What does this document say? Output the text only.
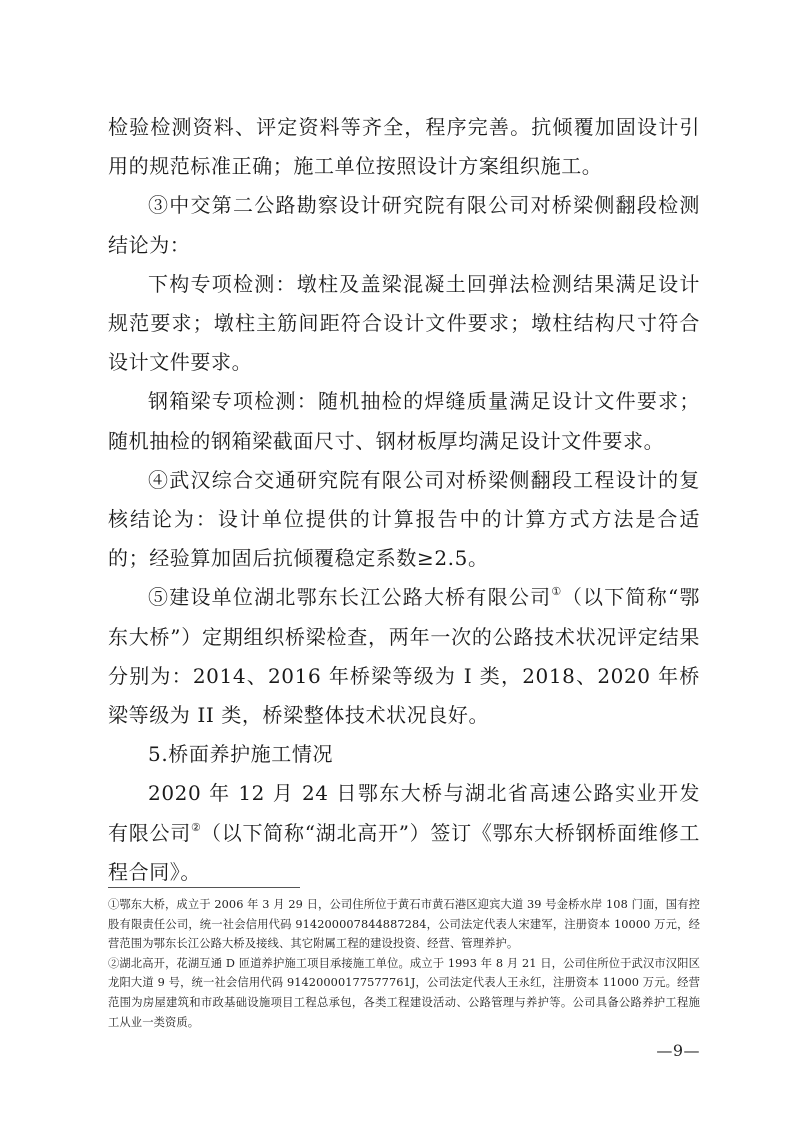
检验检测资料、评定资料等齐全，程序完善。抗倾覆加固设计引用的规范标准正确；施工单位按照设计方案组织施工。

③中交第二公路勘察设计研究院有限公司对桥梁侧翻段检测结论为：

下构专项检测：墩柱及盖梁混凝土回弹法检测结果满足设计规范要求；墩柱主筋间距符合设计文件要求；墩柱结构尺寸符合设计文件要求。

钢箱梁专项检测：随机抽检的焊缝质量满足设计文件要求；随机抽检的钢箱梁截面尺寸、钢材板厚均满足设计文件要求。

④武汉综合交通研究院有限公司对桥梁侧翻段工程设计的复核结论为：设计单位提供的计算报告中的计算方式方法是合适的；经验算加固后抗倾覆稳定系数≥2.5。

⑤建设单位湖北鄂东长江公路大桥有限公司①（以下简称“鄂东大桥”）定期组织桥梁检查，两年一次的公路技术状况评定结果分别为：2014、2016 年桥梁等级为 I 类，2018、2020 年桥梁等级为 II 类，桥梁整体技术状况良好。

5.桥面养护施工情况

2020 年 12 月 24 日鄂东大桥与湖北省高速公路实业开发有限公司②（以下简称“湖北高开”）签订《鄂东大桥钢桥面维修工程合同》。

①鄂东大桥，成立于 2006 年 3 月 29 日，公司住所位于黄石市黄石港区迎宾大道 39 号金桥水岸 108 门面，国有控股有限责任公司，统一社会信用代码 914200007844887284，公司法定代表人宋建军，注册资本 10000 万元，经营范围为鄂东长江公路大桥及接线、其它附属工程的建设投资、经营、管理养护。

②湖北高开，花湖互通 D 匝道养护施工项目承接施工单位。成立于 1993 年 8 月 21 日，公司住所位于武汉市汉阳区龙阳大道 9 号，统一社会信用代码 91420000177577761J，公司法定代表人王永红，注册资本 11000 万元。经营范围为房屋建筑和市政基础设施项目工程总承包，各类工程建设活动、公路管理与养护等。公司具备公路养护工程施工从业一类资质。

—9—
